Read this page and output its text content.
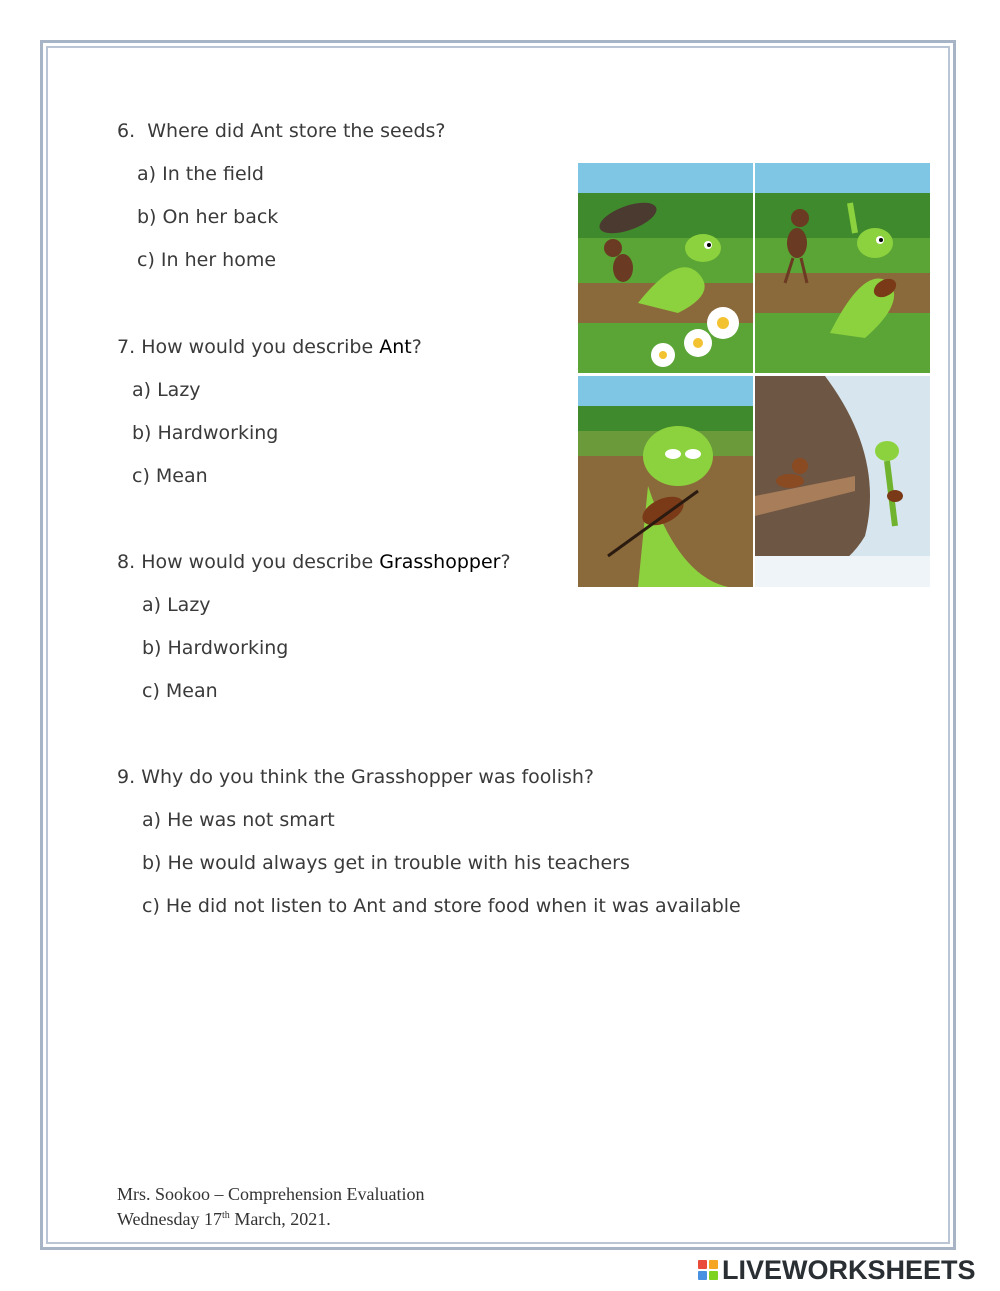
6. Where did Ant store the seeds?
a) In the field
b) On her back
c) In her home
7. How would you describe Ant?
a) Lazy
b) Hardworking
c) Mean
8. How would you describe Grasshopper?
a) Lazy
b) Hardworking
c) Mean
9. Why do you think the Grasshopper was foolish?
a) He was not smart
b) He would always get in trouble with his teachers
c) He did not listen to Ant and store food when it was available
Mrs. Sookoo – Comprehension Evaluation
Wednesday 17th March, 2021.
LIVEWORKSHEETS
